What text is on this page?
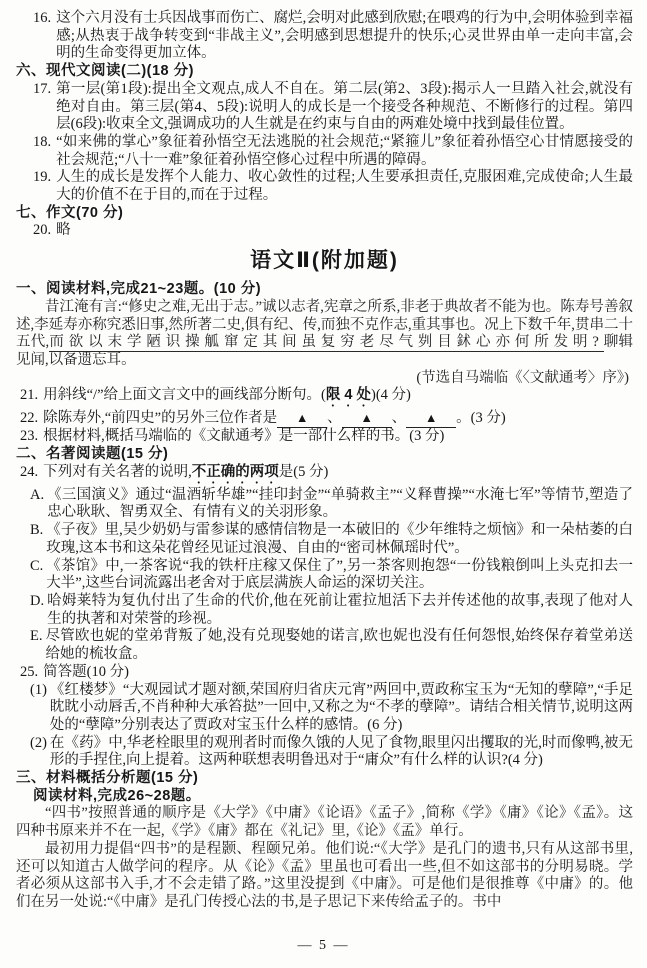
16. 这个六月没有士兵因战事而伤亡、腐烂,会明对此感到欣慰;在喂鸡的行为中,会明体验到幸福感;从热衷于战争转变到“非战主义”,会明感到思想提升的快乐;心灵世界由单一走向丰富,会明的生命变得更加立体。
六、现代文阅读(二)(18 分)
17. 第一层(第1段):提出全文观点,成人不自在。第二层(第2、3段):揭示人一旦踏入社会,就没有绝对自由。第三层(第4、5段):说明人的成长是一个接受各种规范、不断修行的过程。第四层(6段):收束全文,强调成功的人生就是在约束与自由的两难处境中找到最佳位置。
18. “如来佛的掌心”象征着孙悟空无法逃脱的社会规范;“紧箍儿”象征着孙悟空心甘情愿接受的社会规范;“八十一难”象征着孙悟空修心过程中所遇的障碍。
19. 人生的成长是发挥个人能力、收心敛性的过程;人生要承担责任,克服困难,完成使命;人生最大的价值不在于目的,而在于过程。
七、作文(70 分)
20. 略
语文Ⅱ(附加题)
一、阅读材料,完成21~23题。(10 分)

昔江淹有言:“修史之难,无出于志。”诚以志者,宪章之所系,非老于典故者不能为也。陈寿号善叙述,李延寿亦称究悉旧事,然所著二史,俱有纪、传,而独不克作志,重其事也。况上下数千年,贯串二十五代,而欲以末学陋识操觚窜定其间虽复穷老尽气刿目鉥心亦何所发明?聊辑见闻,以备遗忘耳。

(节选自马端临《〈文献通考〉序》)
21. 用斜线“/”给上面文言文中的画线部分断句。(限 4 处)(4 分)
22. 除陈寿外,“前四史”的另外三位作者是 ▲ 、 ▲ 、 ▲ 。(3 分)
23. 根据材料,概括马端临的《文献通考》是一部什么样的书。(3 分)
二、名著阅读题(15 分)
24. 下列对有关名著的说明,不正确的两项是(5 分)
A. 《三国演义》通过“温酒斩华雄”“挂印封金”“单骑救主”“义释曹操”“水淹七军”等情节,塑造了忠心耿耿、智勇双全、有情有义的关羽形象。
B. 《子夜》里,吴少奶奶与雷参谋的感情信物是一本破旧的《少年维特之烦恼》和一朵枯萎的白玫瑰,这本书和这朵花曾经见证过浪漫、自由的“密司林佩瑶时代”。
C. 《茶馆》中,一茶客说“我的铁杆庄稼又保住了”,另一茶客则抱怨“一份钱粮倒叫上头克扣去一大半”,这些台词流露出老舍对于底层满族人命运的深切关注。
D. 哈姆莱特为复仇付出了生命的代价,他在死前让霍拉旭活下去并传述他的故事,表现了他对人生的执著和对荣誉的珍视。
E. 尽管欧也妮的堂弟背叛了她,没有兑现娶她的诺言,欧也妮也没有任何怨恨,始终保存着堂弟送给她的梳妆盒。
25. 简答题(10 分)
(1) 《红楼梦》“大观园试才题对额,荣国府归省庆元宵”两回中,贾政称宝玉为“无知的孽障”,“手足眈眈小动唇舌,不肖种种大承笞挞”一回中,又称之为“不孝的孽障”。请结合相关情节,说明这两处的“孽障”分别表达了贾政对宝玉什么样的感情。(6 分)
(2) 在《药》中,华老栓眼里的观刑者时而像久饿的人见了食物,眼里闪出攫取的光,时而像鸭,被无形的手捏住,向上提着。这两种联想表明鲁迅对于“庸众”有什么样的认识?(4 分)
三、材料概括分析题(15 分)
阅读材料,完成26~28题。

“四书”按照普通的顺序是《大学》《中庸》《论语》《孟子》,简称《学》《庸》《论》《孟》。这四种书原来并不在一起,《学》《庸》都在《礼记》里,《论》《孟》单行。

最初用力提倡“四书”的是程颢、程颐兄弟。他们说:“《大学》是孔门的遗书,只有从这部书里,还可以知道古人做学问的程序。从《论》《孟》里虽也可看出一些,但不如这部书的分明易晓。学者必须从这部书入手,才不会走错了路。”这里没提到《中庸》。可是他们是很推尊《中庸》的。他们在另一处说:“《中庸》是孔门传授心法的书,是子思记下来传给孟子的。书中

— 5 —
